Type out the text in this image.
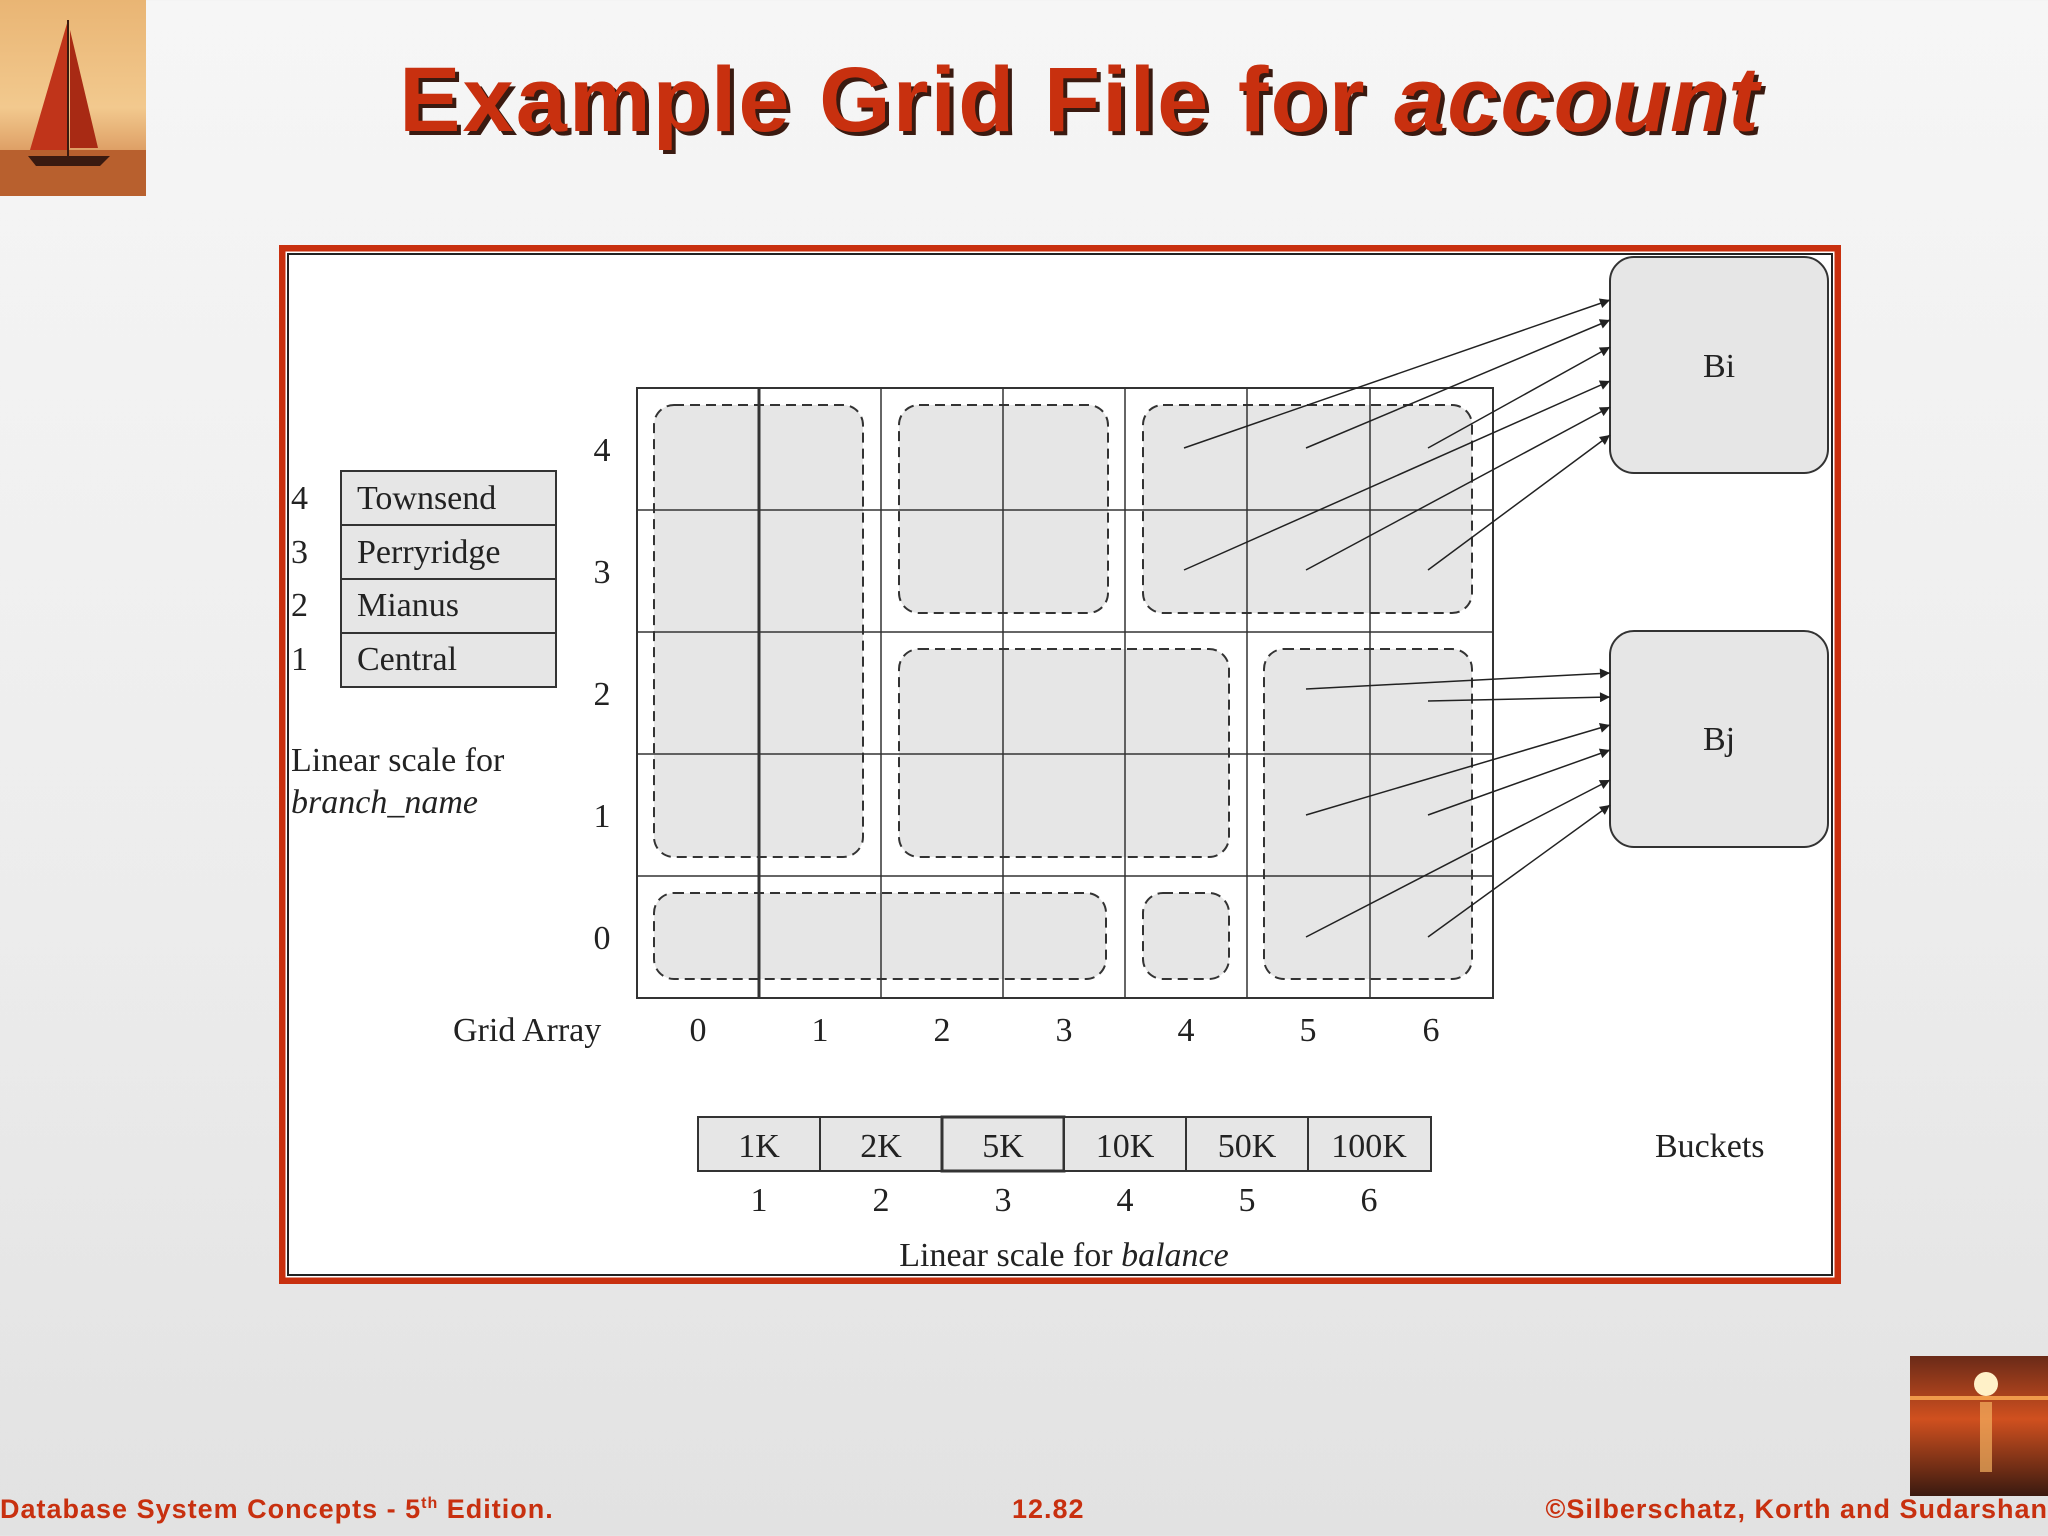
Example Grid File for account
4 Townsend
3 Perryridge
2 Mianus
1 Central
Linear scale for
branch_name
4
3
2
1
0
0	1	2	3	4	5	6
Grid Array
Bi
Bj
Buckets
1K 2K 5K 10K 50K 100K
1	2	3	4	5	6
Linear scale for balance
Database System Concepts - 5th Edition.	12.82	©Silberschatz, Korth and Sudarshan
